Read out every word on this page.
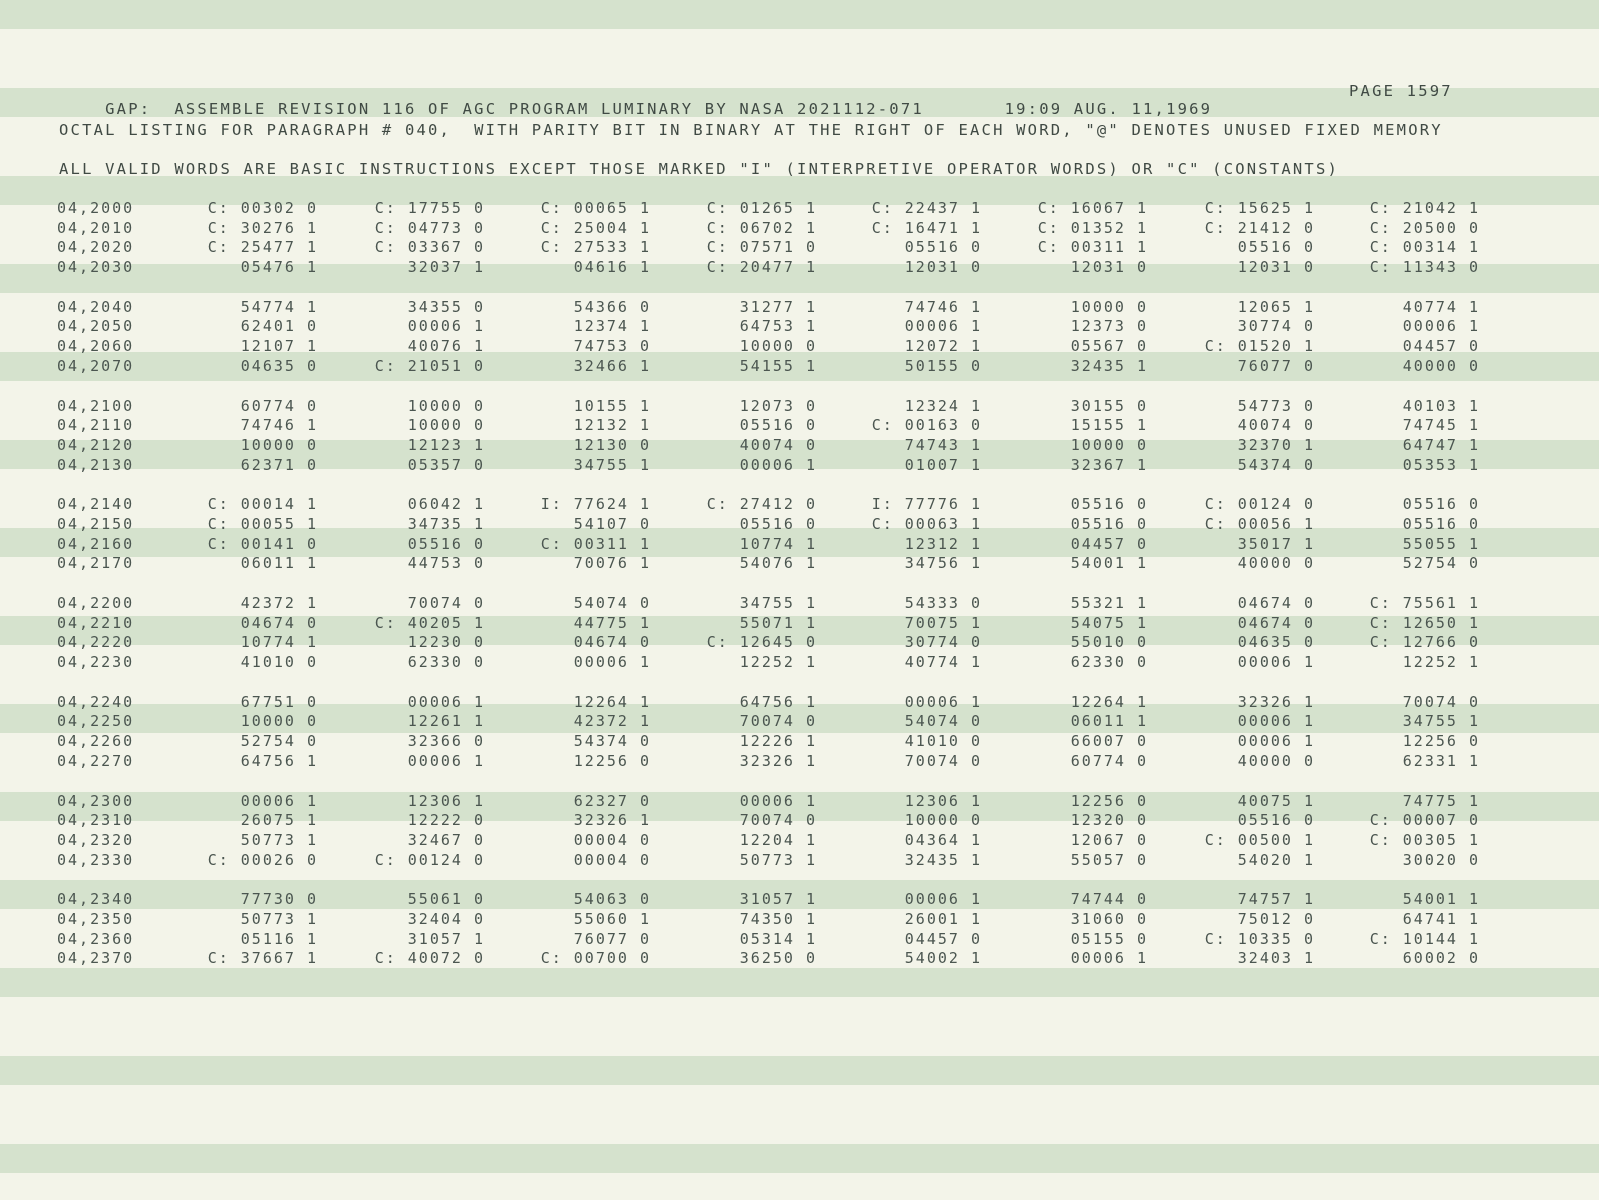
GAP:  ASSEMBLE REVISION 116 OF AGC PROGRAM LUMINARY BY NASA 2021112-071       19:09 AUG. 11,1969

PAGE 1597

OCTAL LISTING FOR PARAGRAPH # 040,  WITH PARITY BIT IN BINARY AT THE RIGHT OF EACH WORD, "@" DENOTES UNUSED FIXED MEMORY
ALL VALID WORDS ARE BASIC INSTRUCTIONS EXCEPT THOSE MARKED "I" (INTERPRETIVE OPERATOR WORDS) OR "C" (CONSTANTS)
04,2000	C: 00302 0	C: 17755 0	C: 00065 1	C: 01265 1	C: 22437 1	C: 16067 1	C: 15625 1	C: 21042 1
04,2010	C: 30276 1	C: 04773 0	C: 25004 1	C: 06702 1	C: 16471 1	C: 01352 1	C: 21412 0	C: 20500 0
04,2020	C: 25477 1	C: 03367 0	C: 27533 1	C: 07571 0	05516 0	C: 00311 1	05516 0	C: 00314 1
04,2030	05476 1	32037 1	04616 1	C: 20477 1	12031 0	12031 0	12031 0	C: 11343 0
04,2040	54774 1	34355 0	54366 0	31277 1	74746 1	10000 0	12065 1	40774 1
04,2050	62401 0	00006 1	12374 1	64753 1	00006 1	12373 0	30774 0	00006 1
04,2060	12107 1	40076 1	74753 0	10000 0	12072 1	05567 0	C: 01520 1	04457 0
04,2070	04635 0	C: 21051 0	32466 1	54155 1	50155 0	32435 1	76077 0	40000 0
04,2100	60774 0	10000 0	10155 1	12073 0	12324 1	30155 0	54773 0	40103 1
04,2110	74746 1	10000 0	12132 1	05516 0	C: 00163 0	15155 1	40074 0	74745 1
04,2120	10000 0	12123 1	12130 0	40074 0	74743 1	10000 0	32370 1	64747 1
04,2130	62371 0	05357 0	34755 1	00006 1	01007 1	32367 1	54374 0	05353 1
04,2140	C: 00014 1	06042 1	I: 77624 1	C: 27412 0	I: 77776 1	05516 0	C: 00124 0	05516 0
04,2150	C: 00055 1	34735 1	54107 0	05516 0	C: 00063 1	05516 0	C: 00056 1	05516 0
04,2160	C: 00141 0	05516 0	C: 00311 1	10774 1	12312 1	04457 0	35017 1	55055 1
04,2170	06011 1	44753 0	70076 1	54076 1	34756 1	54001 1	40000 0	52754 0
04,2200	42372 1	70074 0	54074 0	34755 1	54333 0	55321 1	04674 0	C: 75561 1
04,2210	04674 0	C: 40205 1	44775 1	55071 1	70075 1	54075 1	04674 0	C: 12650 1
04,2220	10774 1	12230 0	04674 0	C: 12645 0	30774 0	55010 0	04635 0	C: 12766 0
04,2230	41010 0	62330 0	00006 1	12252 1	40774 1	62330 0	00006 1	12252 1
04,2240	67751 0	00006 1	12264 1	64756 1	00006 1	12264 1	32326 1	70074 0
04,2250	10000 0	12261 1	42372 1	70074 0	54074 0	06011 1	00006 1	34755 1
04,2260	52754 0	32366 0	54374 0	12226 1	41010 0	66007 0	00006 1	12256 0
04,2270	64756 1	00006 1	12256 0	32326 1	70074 0	60774 0	40000 0	62331 1
04,2300	00006 1	12306 1	62327 0	00006 1	12306 1	12256 0	40075 1	74775 1
04,2310	26075 1	12222 0	32326 1	70074 0	10000 0	12320 0	05516 0	C: 00007 0
04,2320	50773 1	32467 0	00004 0	12204 1	04364 1	12067 0	C: 00500 1	C: 00305 1
04,2330	C: 00026 0	C: 00124 0	00004 0	50773 1	32435 1	55057 0	54020 1	30020 0
04,2340	77730 0	55061 0	54063 0	31057 1	00006 1	74744 0	74757 1	54001 1
04,2350	50773 1	32404 0	55060 1	74350 1	26001 1	31060 0	75012 0	64741 1
04,2360	05116 1	31057 1	76077 0	05314 1	04457 0	05155 0	C: 10335 0	C: 10144 1
04,2370	C: 37667 1	C: 40072 0	C: 00700 0	36250 0	54002 1	00006 1	32403 1	60002 0
